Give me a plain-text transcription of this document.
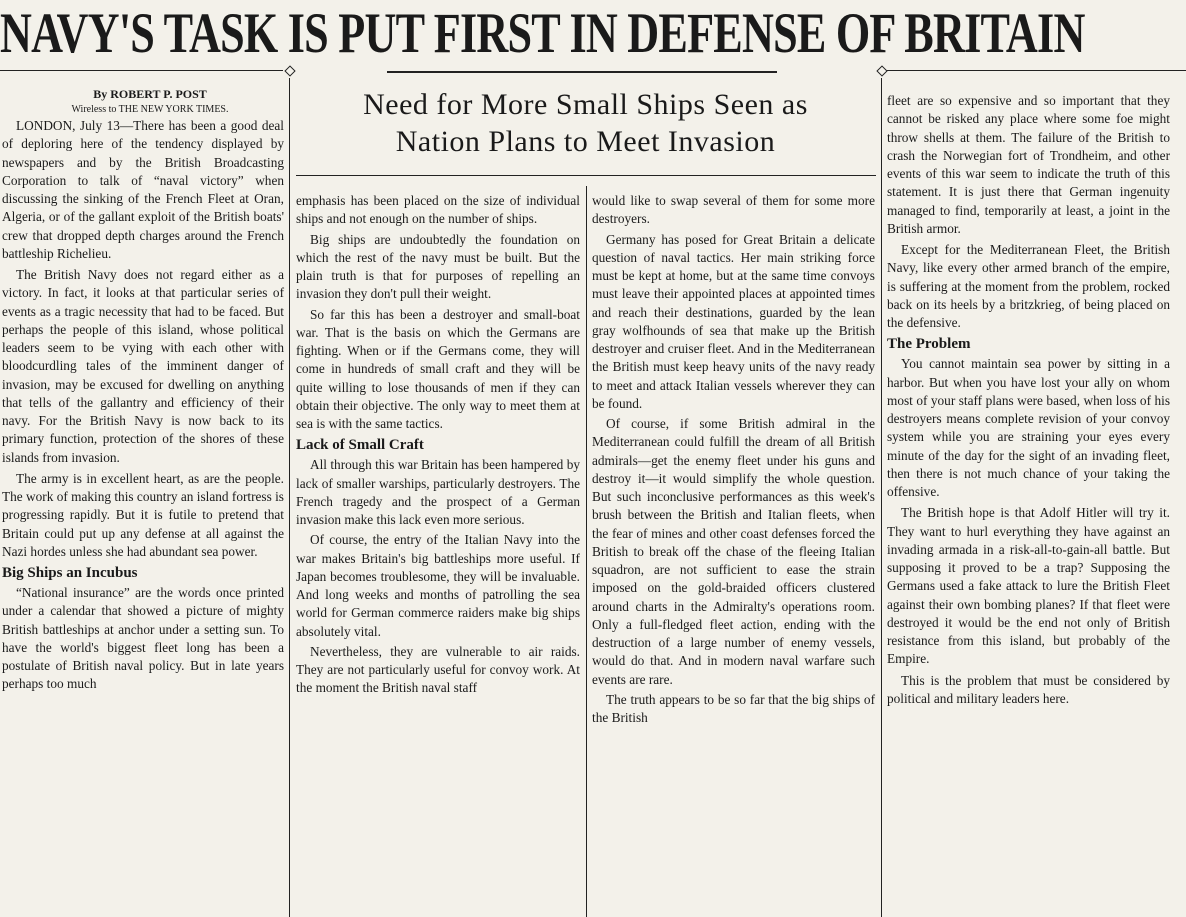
NAVY'S TASK IS PUT FIRST IN DEFENSE OF BRITAIN
Need for More Small Ships Seen as
Nation Plans to Meet Invasion

By ROBERT P. POST

Wireless to THE NEW YORK TIMES.

LONDON, July 13—There has been a good deal of deploring here of the tendency displayed by newspapers and by the British Broadcasting Corporation to talk of “naval victory” when discussing the sinking of the French Fleet at Oran, Algeria, or of the gallant exploit of the British boats' crew that dropped depth charges around the French battleship Richelieu.

The British Navy does not regard either as a victory. In fact, it looks at that particular series of events as a tragic necessity that had to be faced. But perhaps the people of this island, whose political leaders seem to be vying with each other with bloodcurdling tales of the imminent danger of invasion, may be excused for dwelling on anything that tells of the gallantry and efficiency of their navy. For the British Navy is now back to its primary function, protection of the shores of these islands from invasion.

The army is in excellent heart, as are the people. The work of making this country an island fortress is progressing rapidly. But it is futile to pretend that Britain could put up any defense at all against the Nazi hordes unless she had abundant sea power.

Big Ships an Incubus

“National insurance” are the words once printed under a calendar that showed a picture of mighty British battleships at anchor under a setting sun. To have the world's biggest fleet long has been a postulate of British naval policy. But in late years perhaps too much

emphasis has been placed on the size of individual ships and not enough on the number of ships.

Big ships are undoubtedly the foundation on which the rest of the navy must be built. But the plain truth is that for purposes of repelling an invasion they don't pull their weight.

So far this has been a destroyer and small-boat war. That is the basis on which the Germans are fighting. When or if the Germans come, they will come in hundreds of small craft and they will be quite willing to lose thousands of men if they can obtain their objective. The only way to meet them at sea is with the same tactics.

Lack of Small Craft

All through this war Britain has been hampered by lack of smaller warships, particularly destroyers. The French tragedy and the prospect of a German invasion make this lack even more serious.

Of course, the entry of the Italian Navy into the war makes Britain's big battleships more useful. If Japan becomes troublesome, they will be invaluable. And long weeks and months of patrolling the sea world for German commerce raiders make big ships absolutely vital.

Nevertheless, they are vulnerable to air raids. They are not particularly useful for convoy work. At the moment the British naval staff

would like to swap several of them for some more destroyers.

Germany has posed for Great Britain a delicate question of naval tactics. Her main striking force must be kept at home, but at the same time convoys must leave their appointed places at appointed times and reach their destinations, guarded by the lean gray wolfhounds of sea that make up the British destroyer and cruiser fleet. And in the Mediterranean the British must keep heavy units of the navy ready to meet and attack Italian vessels wherever they can be found.

Of course, if some British admiral in the Mediterranean could fulfill the dream of all British admirals—get the enemy fleet under his guns and destroy it—it would simplify the whole question. But such inconclusive performances as this week's brush between the British and Italian fleets, when the fear of mines and other coast defenses forced the British to break off the chase of the fleeing Italian squadron, are not sufficient to ease the strain imposed on the gold-braided officers clustered around charts in the Admiralty's operations room. Only a full-fledged fleet action, ending with the destruction of a large number of enemy vessels, would do that. And in modern naval warfare such events are rare.

The truth appears to be so far that the big ships of the British

fleet are so expensive and so important that they cannot be risked any place where some foe might throw shells at them. The failure of the British to crash the Norwegian fort of Trondheim, and other events of this war seem to indicate the truth of this statement. It is just there that German ingenuity managed to find, temporarily at least, a joint in the British armor.

Except for the Mediterranean Fleet, the British Navy, like every other armed branch of the empire, is suffering at the moment from the problem, rocked back on its heels by a britzkrieg, of being placed on the defensive.

The Problem

You cannot maintain sea power by sitting in a harbor. But when you have lost your ally on whom most of your staff plans were based, when loss of his destroyers means complete revision of your convoy system while you are straining your eyes every minute of the day for the sight of an invading fleet, then there is not much chance of your taking the offensive.

The British hope is that Adolf Hitler will try it. They want to hurl everything they have against an invading armada in a risk-all-to-gain-all battle. But supposing it proved to be a trap? Supposing the Germans used a fake attack to lure the British Fleet against their own bombing planes? If that fleet were destroyed it would be the end not only of British resistance from this island, but probably of the Empire.

This is the problem that must be considered by political and military leaders here.
